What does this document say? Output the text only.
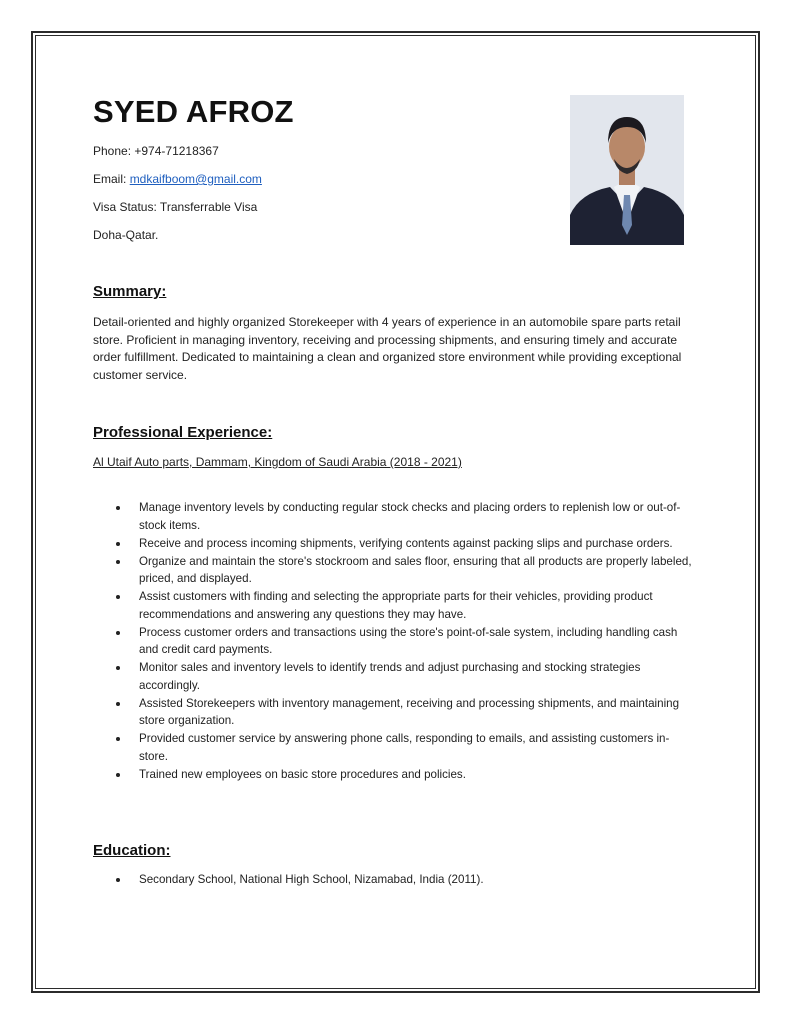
SYED AFROZ
Phone: +974-71218367
Email: mdkaifboom@gmail.com
Visa Status: Transferrable Visa
Doha-Qatar.
Summary:

Detail-oriented and highly organized Storekeeper with 4 years of experience in an automobile spare parts retail store. Proficient in managing inventory, receiving and processing shipments, and ensuring timely and accurate order fulfillment. Dedicated to maintaining a clean and organized store environment while providing exceptional customer service.

Professional Experience:
Al Utaif Auto parts, Dammam, Kingdom of Saudi Arabia (2018 - 2021)
Manage inventory levels by conducting regular stock checks and placing orders to replenish low or out-of-stock items.
Receive and process incoming shipments, verifying contents against packing slips and purchase orders.
Organize and maintain the store's stockroom and sales floor, ensuring that all products are properly labeled, priced, and displayed.
Assist customers with finding and selecting the appropriate parts for their vehicles, providing product recommendations and answering any questions they may have.
Process customer orders and transactions using the store's point-of-sale system, including handling cash and credit card payments.
Monitor sales and inventory levels to identify trends and adjust purchasing and stocking strategies accordingly.
Assisted Storekeepers with inventory management, receiving and processing shipments, and maintaining store organization.
Provided customer service by answering phone calls, responding to emails, and assisting customers in-store.
Trained new employees on basic store procedures and policies.
Education:
Secondary School, National High School, Nizamabad, India (2011).
